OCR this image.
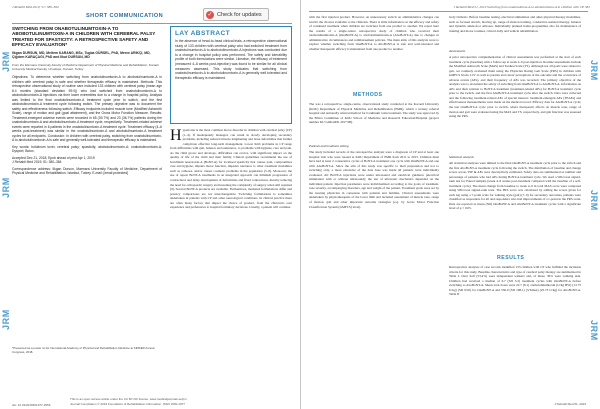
J Rehabil Med 2019; 51: 380–384
SHORT COMMUNICATION	✓ Check for updates
SWITCHING FROM ONABOTULINUMTOXIN-A TO ABOBOTULINUMTOXIN-A IN CHILDREN WITH CEREBRAL PALSY TREATED FOR SPASTICITY: A RETROSPECTIVE SAFETY AND EFFICACY EVALUATION*
Ilkgan DURSUN, MD, Meltem KARANG, MSc, Tugba GÜRSEL, PhD, Merve ARIKÇI, MD, Çiğdem KARAÇAGI, PhD and Ilkut DURSUN, MD
From the Marmara University Faculty of Medicine Department of Physical Medicine and Rehabilitation, Kocaeli University Medical Faculty, Umuttepe, Kocaeli, Turkey
Objectives: To determine whether switching from onabotulinumtoxin-A to abobotulinumtoxin-A in children with cerebral palsy is safe and whether therapeutic efficacy is maintained. Methods: This retrospective observational study of routine care included 133 children with cerebral palsy (mean age 8.4 months (standard deviation 59.0)) who had switched from onabotulinumtoxin-A to abobotulinumtoxin-A injections via their lower extremities due to a change in hospital policy. Analysis was limited to the final onabotulinumtoxin-A treatment cycle prior to switch, and the first abobotulinumtoxin-A treatment cycle following switch. The primary objective was to document the safety and effectiveness following switch. Efficacy endpoints included muscle tone (Modified Ashworth Scale), range of motion and gait (goal attainment), and the Gross Motor Function Measure. Results: Treatment-emergent adverse events were recorded in 65 (39.7%) and 23 (36.7%) patients during the onabotulinumtoxin-A and abobotulinumtoxin-A treatment cycle, respectively. Treatment-related adverse events were reported in 6 patients in the onabotulinumtoxin-A treatment cycle. Treatment efficacy (4–6 weeks post-treatment) was similar in the onabotulinumtoxin-A and abobotulinumtoxin-A treatment cycles for all endpoints. Conclusion: In children with cerebral palsy, switching from onabotulinumtoxin-A to abobotulinumtoxin-A is safe and generally well-tolerated and therapeutic efficacy is maintained.
Key words: botulinum toxin; cerebral palsy; spasticity; abobotulinumtoxin-A; onabotulinumtoxin-A; Dysport; Botox.
Accepted Dec 21, 2018; Epub ahead of print Apr 1, 2019
J Rehabil Med 2019; 51: 380–384
Correspondence address: Ilkgan Dursun, Marmara University Faculty of Medicine, Department of Physical Medicine and Rehabilitation, Istanbul, Turkey. E-mail: [email protected]
LAY ABSTRACT
In the absence of head-to-head clinical trials, a retrospective observational study of 133 children with cerebral palsy who had switched treatment from onabotulinumtoxin-A to abobotulinumtoxin-A injections was conducted due to a change in hospital policy was performed. The safety and tolerability profile of both formulations were similar. Likewise, the efficacy of treatment (measured 4–6 weeks post-injection) was found to be similar for all clinical measures assessed. This study indicates that switching from onabotulinumtoxin-A to abobotulinumtoxin-A is generally well tolerated and therapeutic efficacy is maintained.
H ypertonia is the most common motor disorder in children with cerebral palsy (CP) (1–4). If inadequately managed, can result in slowly developing secondary problems, including reduced muscle lengthening and bone deformities that further complicate effective long-term management. Lower limb problems in CP range from difficulties with gait, balance and endurance, to problems with hygiene, care and pain. As the child grows and develops, difficulties can evolve, with significant impact on the quality of life of the child and their family. Clinical guidelines recommend the use of botulinum neurotoxin-A (BoNT-A) for localised spasticity that causes pain, compromises care and hygiene, impairs motor function, impedes tolerance to other treatment modalities such as orthoses, and/or causes cosmetic problems in the population (5–8). Moreover, the use of repeat BoNT-A treatments in an integrated approach can diminish progression of contractures and delay development of deformities and fixed contractures, thereby reducing the need for orthopaedic surgery and lessening the complexity of surgery when still required (9). Several BoNT-A products are available. Furthermore, marketed formulations differ and potency comparisons are not interchangeable. Switching formulations is sometimes undertaken in patients with CP and other neurological conditions. In clinical practice there are often many factors that impact the choice of product, from the clinician's own experience and preferences to hospital formulary decisions. Usually, a patient will continue
*Presented as a poster at 1st International Academy of Physical and Rehabilitation Medicine at SIMFER Annual Congress, 2018.
doi: 10.2340/16501977-2556
This is an open access article under the CC BY-NC license. www.medicaljournals.se/jrm
Journal Compilation © 2019 Foundation of Rehabilitation Information. ISSN 1650-1977
JRM
JRM
JRM
J Rehabil Med 51, 2019 Switching from onabotulinum-A to abobotulinum-A in children with CP 381
with the first injected product. However, an unnecessary switch on administrative changes can restrict the choices available to the clinician. There is little information on the efficacy and safety of continued treatment when children are switched from one product to another. We report here the results of a single-centre retrospective study of children who received their onabotulinumtoxin-A (OnaBoNT-A) to abobotulinumtoxin-A (AboBoNT-A) due to changes in administrative circumstances and reimbursement policies. The main aims of this analysis were to explore whether switching from OnaBoNT-A to AboBoNT-A is safe and well-tolerated and whether therapeutic efficacy is maintained from one product to another.
METHODS
The was a retrospective, single-centre, observational study conducted at the Kocaeli University (KOU) Department of Physical Medicine and Rehabilitation (PMR), which a tertiary referral hospital and nationally referral medical for botulinum toxin treatment. The study was approved by the Ethics Committee of KOU School of Medicine and Research Education/Hospital (project number KU GOKAEK 2017/08).
Patients and treatment setting
The study included records of the retrospective analysis were a diagnosis of CP and at least one hospital visit who were treated at KOU Department of PMR from 2011 to 2015. Children must have had at least 2 consecutive cycles of BoNT-A treatment; one cycle with OnaBoNT-A and one with AboBoNT-A. Since the aim of this study was specific to their preparation and not to switching only, a more extensive of the data base was made all patients were individually evaluated. All BoNT-A injections were under ultrasound and electrical guidance (electrical stimulation with or without ultrasound); the use of ultrasonic mechanics depended on the individual patient. Injection parameters were individualized according to the goals of treatment, tone severity, accompanying disorders, age and weight of the patient. Treatment goals were set by the treating physician in consensus with patients and families. Clinical assessments were undertaken by physiotherapists of the lower limb and included assessment of muscle tone, range of motion, gait and other important outcome strategies (e.g. by Gross Motor Function Classification System (GMFCS) level).
body Orthotic. Before baseline testing, electrical stimulation and other physical therapy modalities, such as focused stretch, moving up, range-of-motion training, conductive-assisted therapy, balance and dynamic ankle-foot orthoses. Individually planned home-programmes also for maintenance of training and motor routines, critical daily and vehicle rehabilitation.
Assessments
A prior retrospective complementation of clinical assessments was performed at the start of each treatment cycle (baseline) with a follow-up at week 4–6 post-injection. Routine assessments include the Modified Ashworth Scale (MAS) and Tardieu Scale (TS). Although not all goals were related to gait, we routinely evaluated them using the Physician Rating Gait Scale (PRS) in children with GMFCS levels I–IV as well as parents and carers' perceptions of the outcome and the occurrence of adverse events (AEs), and their frequency of AEs was recorded. The primary objective of the analysis was to document the safety of switching from OnaBoNT-A to AboBoNT-A. Information on AEs and their relation to BoNT-A treatment (treatment-related AEs) for BoNT-A treatment cycle prior to the switch, and the first AboBoNT-A treatment cycle after the switch. Data were collected and the following treatment-related AEs of special interest: treatment-emergent AEs (TEAEs) and effectiveness measurements were made on the medical record. Efficacy data for AboBoNT-A cycle; the last OnaBoNT-A cycle prior to switch, where therapeutic effects on muscle tone, range of motion and gait were evaluated using the MAS and TS, respectively, and gait function was assessed using the PRS.
Statistical analysis
All statistical analyses were limited to the final OnaBoNT-A treatment cycle prior to the switch and the first AboBoNT-A treatment cycle following the switch. The distribution of baseline and change scores across TSP & AEs were descriptively estimated. Safety data are summarized as number and percentage of patients who had AEs during BoNT-A treatment cycle. We used a Wilcoxon signed-rank test for Paired samples (week 4–6 weeks post-treatment compared with the baseline of a self-treatment cycle). The mean change from baseline to week 4–6 in total MAS score were compared using Wilcoxon signed-rank tests. The PRS score was calculated by adding the scores given for each leg using a 7-point scale for walking style (gait) (7–9) for secondary outcomes, patients were classified as responders for all and responders who had improvements of ≥1-point in the PRS scale. Data are reported as mean (SD) OnaBoNT-A and AboBoNT-A treatment cycles with a significant level of p < 0.05.
RESULTS
Retrospective analyses of case records identified 133 children with CP who fulfilled the inclusion criteria for this study. Baseline characteristics and type of cerebral palsy therapy are summarized in Table I. Over half (53.4%) were independent walkers and, of these, 30% were walking aids. Children had received a median of 6.7 (SD 3.2) treatment cycles with OnaBoNT-A before switching to AboBoNT-A. Mean total doses were 22.7 (6.1) onabotulinumtoxin (U/kg BW) (1/175 U/kg) (SD 93.0) for OnaBoNT-A and 530.0 (SD 198.1) (3/Xmax) (25.73 U/kg) for AboBoNT-A. Table II
J Rehabil Med 51, 2019
JRM
JRM
JRM
